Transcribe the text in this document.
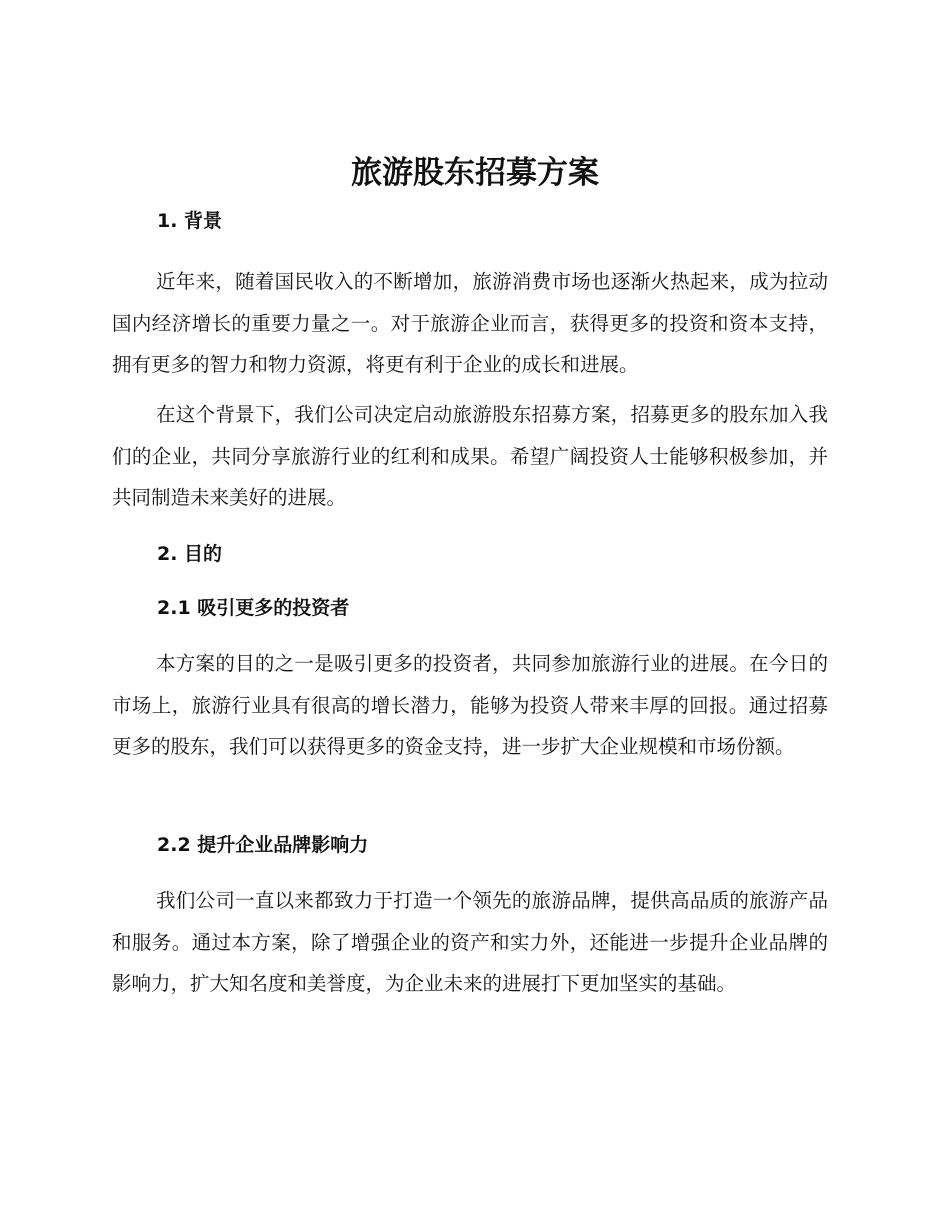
旅游股东招募方案
1. 背景

近年来，随着国民收入的不断增加，旅游消费市场也逐渐火热起来，成为拉动国内经济增长的重要力量之一。对于旅游企业而言，获得更多的投资和资本支持，拥有更多的智力和物力资源，将更有利于企业的成长和进展。

在这个背景下，我们公司决定启动旅游股东招募方案，招募更多的股东加入我们的企业，共同分享旅游行业的红利和成果。希望广阔投资人士能够积极参加，并共同制造未来美好的进展。

2. 目的
2.1 吸引更多的投资者

本方案的目的之一是吸引更多的投资者，共同参加旅游行业的进展。在今日的市场上，旅游行业具有很高的增长潜力，能够为投资人带来丰厚的回报。通过招募更多的股东，我们可以获得更多的资金支持，进一步扩大企业规模和市场份额。

2.2 提升企业品牌影响力

我们公司一直以来都致力于打造一个领先的旅游品牌，提供高品质的旅游产品和服务。通过本方案，除了增强企业的资产和实力外，还能进一步提升企业品牌的影响力，扩大知名度和美誉度，为企业未来的进展打下更加坚实的基础。
